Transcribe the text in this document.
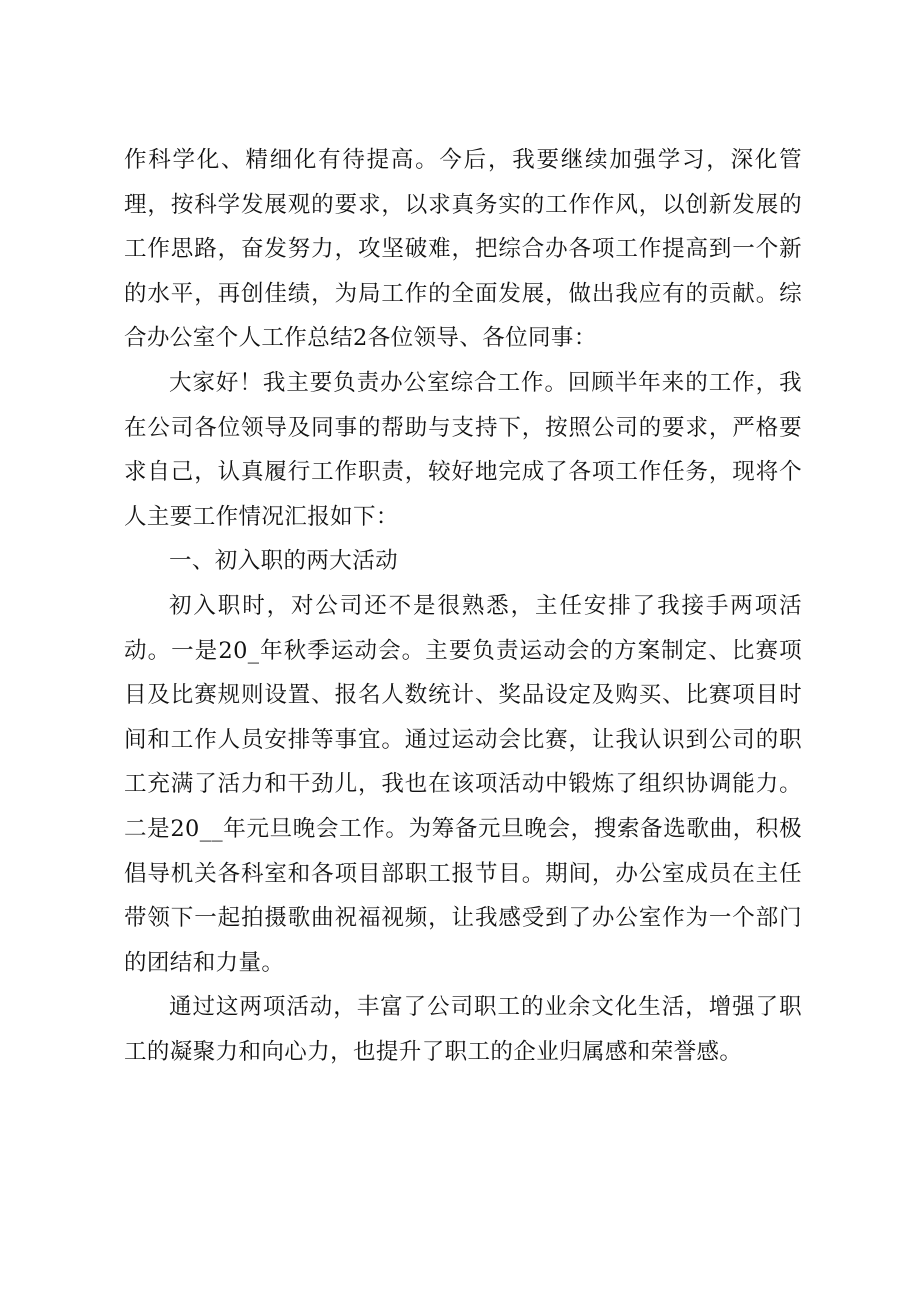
作科学化、精细化有待提高。今后，我要继续加强学习，深化管理，按科学发展观的要求，以求真务实的工作作风，以创新发展的工作思路，奋发努力，攻坚破难，把综合办各项工作提高到一个新的水平，再创佳绩，为局工作的全面发展，做出我应有的贡献。综合办公室个人工作总结2各位领导、各位同事：

大家好！我主要负责办公室综合工作。回顾半年来的工作，我在公司各位领导及同事的帮助与支持下，按照公司的要求，严格要求自己，认真履行工作职责，较好地完成了各项工作任务，现将个人主要工作情况汇报如下：

一、初入职的两大活动

初入职时，对公司还不是很熟悉，主任安排了我接手两项活动。一是20_年秋季运动会。主要负责运动会的方案制定、比赛项目及比赛规则设置、报名人数统计、奖品设定及购买、比赛项目时间和工作人员安排等事宜。通过运动会比赛，让我认识到公司的职工充满了活力和干劲儿，我也在该项活动中锻炼了组织协调能力。二是20__年元旦晚会工作。为筹备元旦晚会，搜索备选歌曲，积极倡导机关各科室和各项目部职工报节目。期间，办公室成员在主任带领下一起拍摄歌曲祝福视频，让我感受到了办公室作为一个部门的团结和力量。

通过这两项活动，丰富了公司职工的业余文化生活，增强了职工的凝聚力和向心力，也提升了职工的企业归属感和荣誉感。
